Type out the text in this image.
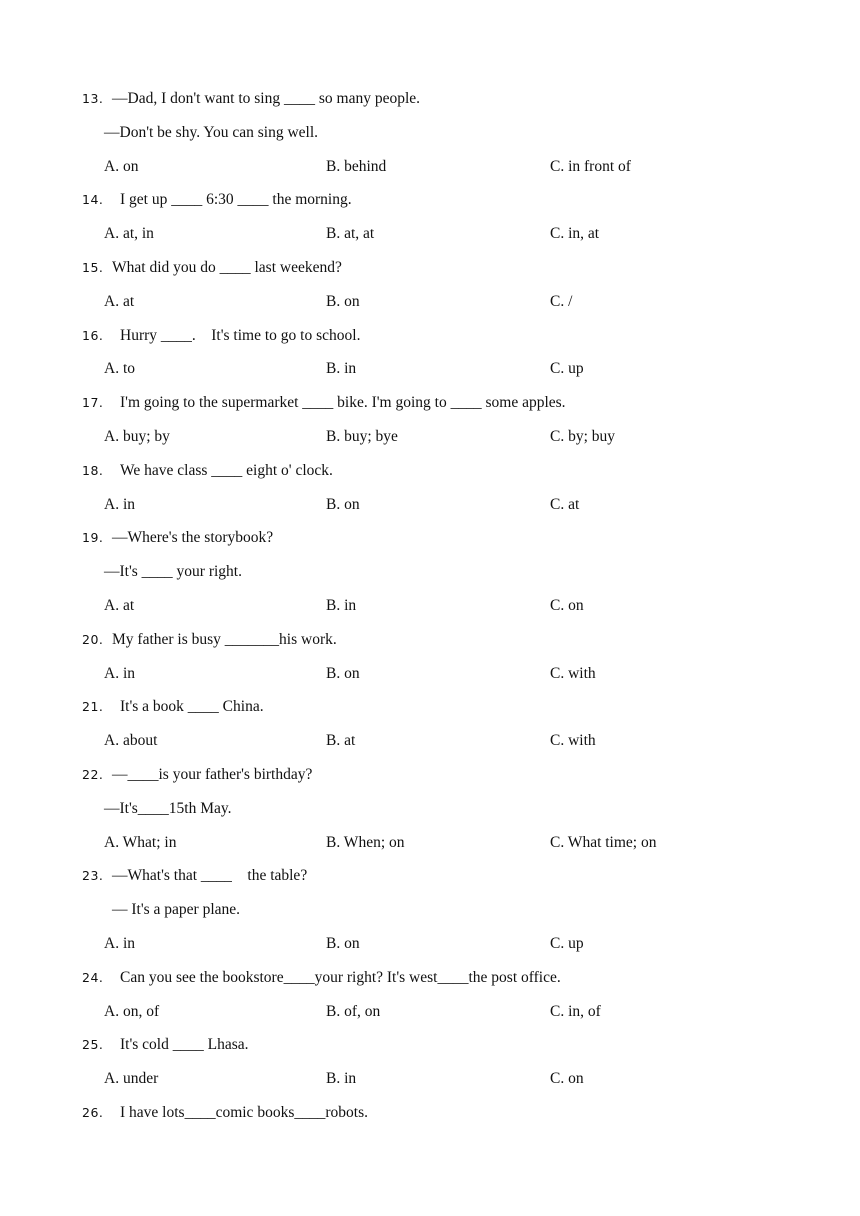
13. —Dad, I don't want to sing ____ so many people.
—Don't be shy. You can sing well.
A. on	B. behind	C. in front of
14. I get up ____ 6:30 ____ the morning.
A. at, in	B. at, at	C. in, at
15. What did you do ____ last weekend?
A. at	B. on	C. /
16. Hurry ____.    It's time to go to school.
A. to	B. in	C. up
17. I'm going to the supermarket ____ bike. I'm going to ____ some apples.
A. buy; by	B. buy; bye	C. by; buy
18. We have class ____ eight o' clock.
A. in	B. on	C. at
19. —Where's the storybook?
—It's ____ your right.
A. at	B. in	C. on
20. My father is busy _______his work.
A. in	B. on	C. with
21. It's a book ____ China.
A. about	B. at	C. with
22. —____is your father's birthday?
—It's____15th May.
A. What; in	B. When; on	C. What time; on
23. —What's that ____    the table?
— It's a paper plane.
A. in	B. on	C. up
24. Can you see the bookstore____your right? It's west____the post office.
A. on, of	B. of, on	C. in, of
25. It's cold ____ Lhasa.
A. under	B. in	C. on
26. I have lots____comic books____robots.
